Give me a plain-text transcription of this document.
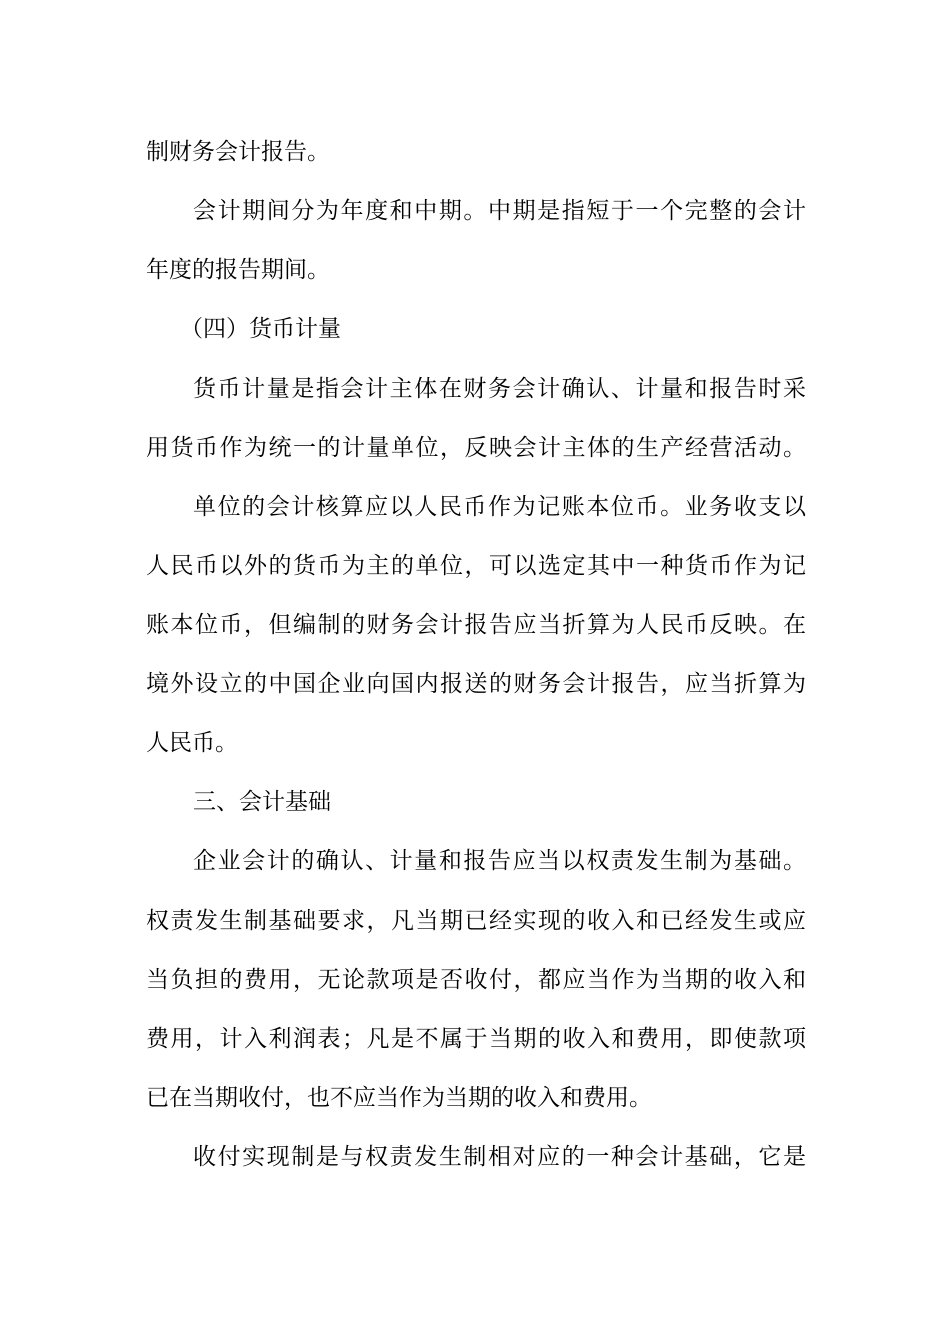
制财务会计报告。
会计期间分为年度和中期。中期是指短于一个完整的会计
年度的报告期间。
（四）货币计量
货币计量是指会计主体在财务会计确认、计量和报告时采
用货币作为统一的计量单位，反映会计主体的生产经营活动。
单位的会计核算应以人民币作为记账本位币。业务收支以
人民币以外的货币为主的单位，可以选定其中一种货币作为记
账本位币，但编制的财务会计报告应当折算为人民币反映。在
境外设立的中国企业向国内报送的财务会计报告，应当折算为
人民币。
三、会计基础
企业会计的确认、计量和报告应当以权责发生制为基础。
权责发生制基础要求，凡当期已经实现的收入和已经发生或应
当负担的费用，无论款项是否收付，都应当作为当期的收入和
费用，计入利润表；凡是不属于当期的收入和费用，即使款项
已在当期收付，也不应当作为当期的收入和费用。
收付实现制是与权责发生制相对应的一种会计基础，它是
